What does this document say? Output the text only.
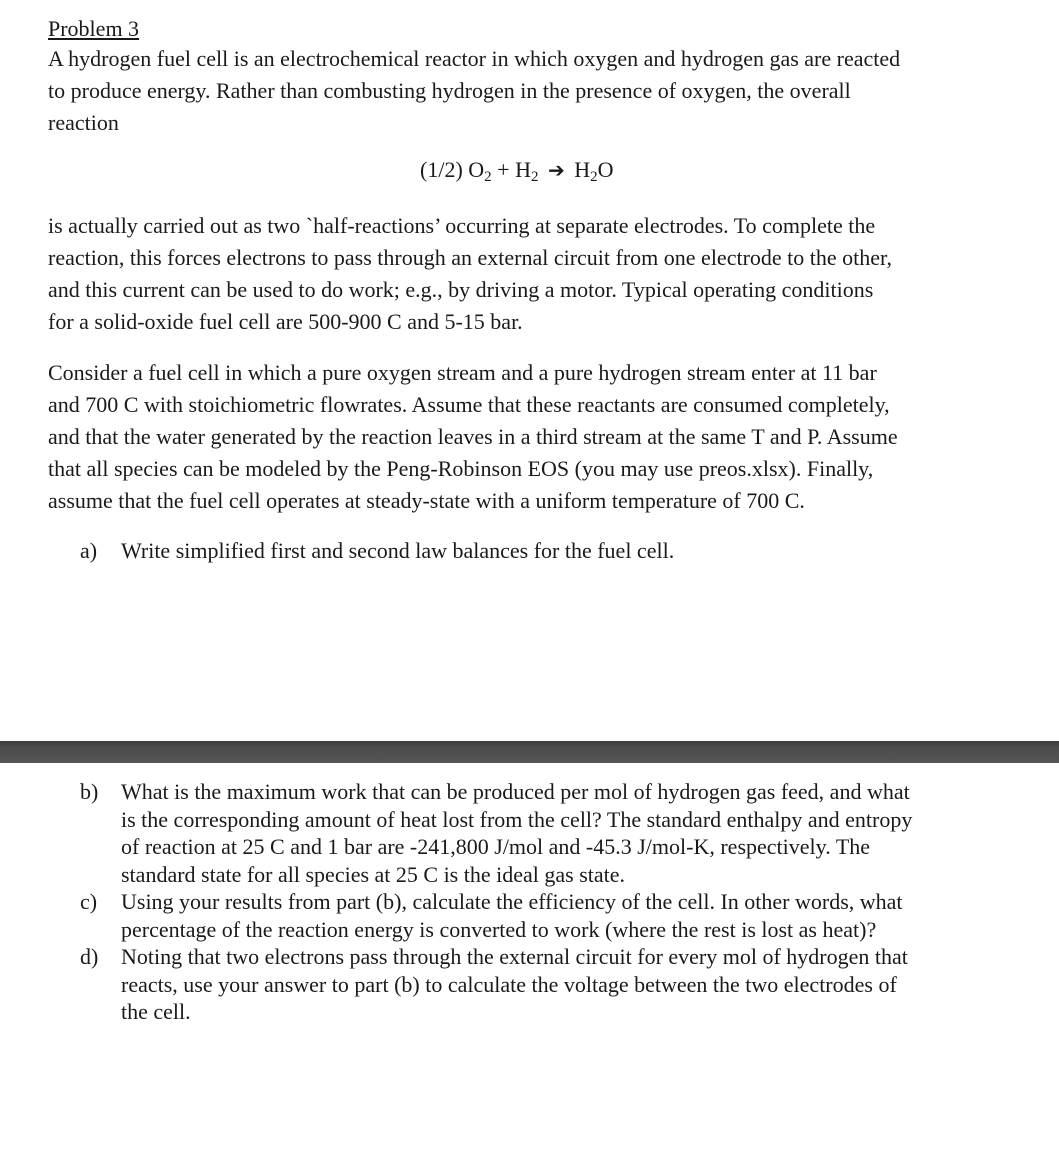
Problem 3
A hydrogen fuel cell is an electrochemical reactor in which oxygen and hydrogen gas are reacted
to produce energy. Rather than combusting hydrogen in the presence of oxygen, the overall
reaction
(1/2) $O_2 + H_2$ ➔ $H_2O$
is actually carried out as two `half-reactions’ occurring at separate electrodes. To complete the
reaction, this forces electrons to pass through an external circuit from one electrode to the other,
and this current can be used to do work; e.g., by driving a motor. Typical operating conditions
for a solid-oxide fuel cell are 500-900 C and 5-15 bar.
Consider a fuel cell in which a pure oxygen stream and a pure hydrogen stream enter at 11 bar
and 700 C with stoichiometric flowrates. Assume that these reactants are consumed completely,
and that the water generated by the reaction leaves in a third stream at the same T and P. Assume
that all species can be modeled by the Peng-Robinson EOS (you may use preos.xlsx). Finally,
assume that the fuel cell operates at steady-state with a uniform temperature of 700 C.
a) Write simplified first and second law balances for the fuel cell.
b) What is the maximum work that can be produced per mol of hydrogen gas feed, and what
is the corresponding amount of heat lost from the cell? The standard enthalpy and entropy
of reaction at 25 C and 1 bar are -241,800 J/mol and -45.3 J/mol-K, respectively. The
standard state for all species at 25 C is the ideal gas state.
c) Using your results from part (b), calculate the efficiency of the cell. In other words, what
percentage of the reaction energy is converted to work (where the rest is lost as heat)?
d) Noting that two electrons pass through the external circuit for every mol of hydrogen that
reacts, use your answer to part (b) to calculate the voltage between the two electrodes of
the cell.
